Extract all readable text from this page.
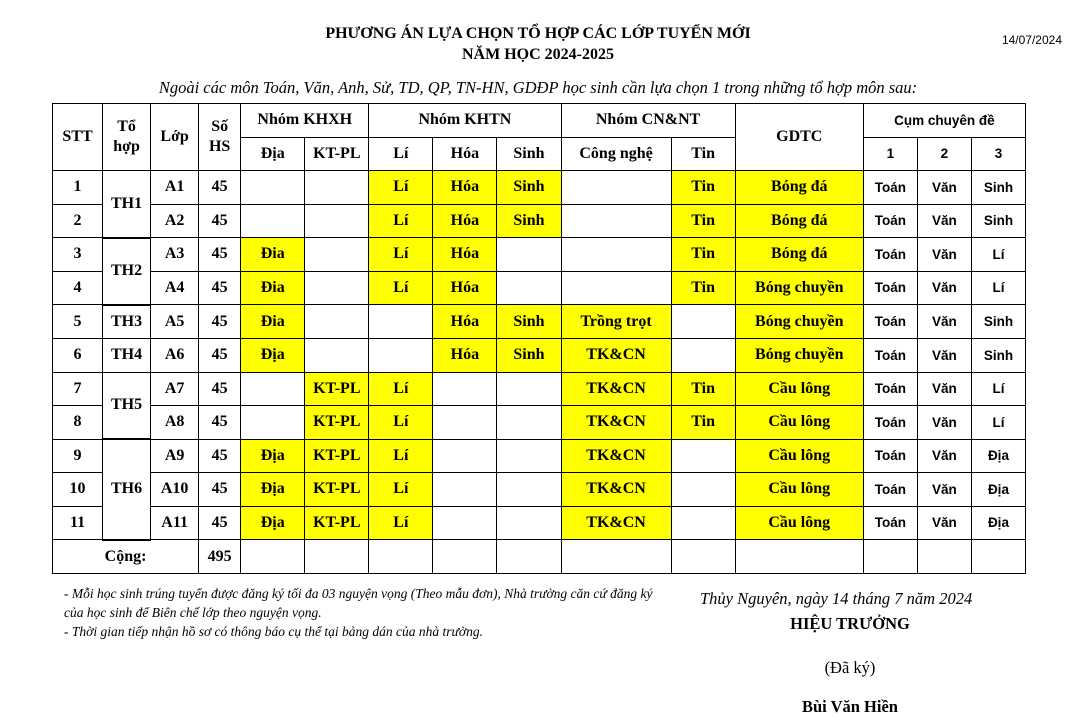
14/07/2024
PHƯƠNG ÁN LỰA CHỌN TỔ HỢP CÁC LỚP TUYỂN MỚI
NĂM HỌC 2024-2025
Ngoài các môn Toán, Văn, Anh, Sử, TD, QP, TN-HN, GDĐP học sinh cần lựa chọn 1 trong những tổ hợp môn sau:
STT	Tổ hợp	Lớp	Số HS	Nhóm KHXH		Nhóm KHTN			Nhóm CN&NT		GDTC	Cụm chuyên đề		
				Địa	KT-PL	Lí	Hóa	Sinh	Công nghệ	Tin		1	2	3
1	TH1	A1	45			Lí	Hóa	Sinh		Tin	Bóng đá	Toán	Văn	Sinh
2		A2	45			Lí	Hóa	Sinh		Tin	Bóng đá	Toán	Văn	Sinh
3	TH2	A3	45	Đia		Lí	Hóa			Tin	Bóng đá	Toán	Văn	Lí
4		A4	45	Đia		Lí	Hóa			Tin	Bóng chuyền	Toán	Văn	Lí
5	TH3	A5	45	Đia			Hóa	Sinh	Trồng trọt		Bóng chuyền	Toán	Văn	Sinh
6	TH4	A6	45	Địa			Hóa	Sinh	TK&CN		Bóng chuyền	Toán	Văn	Sinh
7	TH5	A7	45		KT-PL	Lí			TK&CN	Tin	Cầu lông	Toán	Văn	Lí
8		A8	45		KT-PL	Lí			TK&CN	Tin	Cầu lông	Toán	Văn	Lí
9	TH6	A9	45	Địa	KT-PL	Lí			TK&CN		Cầu lông	Toán	Văn	Địa
10		A10	45	Địa	KT-PL	Lí			TK&CN		Cầu lông	Toán	Văn	Địa
11		A11	45	Địa	KT-PL	Lí			TK&CN		Cầu lông	Toán	Văn	Địa
Cộng:			495											
- Mỗi học sinh trúng tuyển được đăng ký tối đa 03 nguyện vọng (Theo mẫu đơn), Nhà trường căn cứ đăng ký của học sinh để Biên chế lớp theo nguyện vọng.
- Thời gian tiếp nhận hồ sơ có thông báo cụ thể tại bảng dán của nhà trường.
Thủy Nguyên, ngày 14 tháng 7 năm 2024
HIỆU TRƯỞNG
(Đã ký)
Bùi Văn Hiền
